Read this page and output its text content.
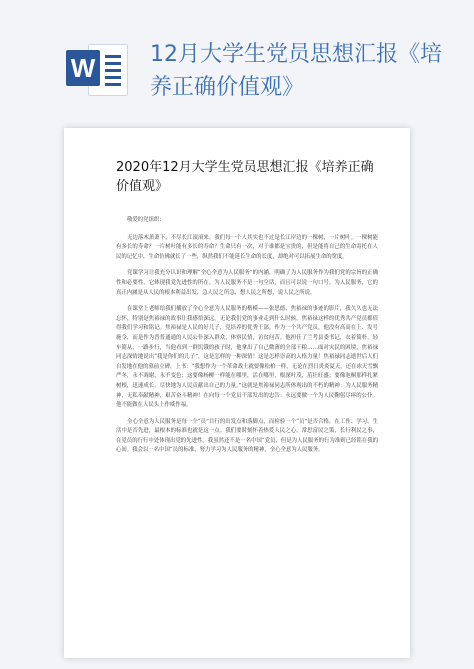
W 12月大学生党员思想汇报《培养正确价值观》
2020年12月大学生党员思想汇报《培养正确价值观》

敬爱的党组织：

无边落木萧萧下，不尽长江滚滚来。我们每一个人其实也不过是长江岸边的一棵树，一片树叶。一棵树能有多长的寿命？一片树叶能有多长的寿命？生命只有一次，对于谁都是宝贵的，但是能将自己的生命寄托在人民的记忆中，生命仿佛就长了一些，纵然我们不能延长生命的长度，却绝对可以拓展生命的宽度。

党课学习让我充分认识和理解“全心全意为人民服务”的内涵，明确了为人民服务作为我们党的宗旨的正确性和必要性，它体现我党先进性的所在。为人民服务不是一句空话，而且可以说一句口号。为人民服务，它的真正内涵是从人民的根本利益出发，急人民之所急，想人民之所想，说人民之所说。

在课堂上老师给我们播放了全心全意为人民服务的楷模——张思德、焦裕禄的事迹的影片，我久久也无法忘怀，特别是焦裕禄的故事让我感悟深远。无论我们党的事业走到什么时候，焦裕禄这样的优秀共产党员都值得我们学习和铭记。焦裕禄是人民的好儿子，党培养的优秀干部。作为一个共产党员，他没有高高在上、发号施令，而是作为普普通通的人民公仆深入群众，体察民情，访贫问苦。他担任了兰考县委书记，衣着简朴，轻车简从，一路步行，当他看到一群饥饿的孩子时，他拿出了自己微薄的全部干粮……面对灾民的困境，焦裕禄同志深情地说出“我是你们的儿子”，这是怎样的一种深情！这是怎样崇高的人格力量！焦裕禄同志逝世后人们自发地在他的墓前立碑，上书：“我想作为一个革命战士就要像松柏一样，无论在烈日炎炎夏天，还在冰天雪飘严冬，永不凋谢，永不变色；这要像杨柳一样能在哪里，活在哪里，根深叶茂，茁壮旺盛；要像泡桐那样扎紧树根，迅速成长。尽快地为人民贡献出自己的力量。”这就是焦裕禄同志所体现出的不朽的精神：为人民服务精神，无私奉献精神，艰苦奋斗精神！在向每一个党员干部发出的忠告：永远要做一个为人民鞠躬尽瘁的公仆。他不能做在人民头上作威作福。

全心全意为人民服务是每一个“员”目行的出发点和落脚点，而检验一个“员”是否合格，在工作、学习、生活中是否先进，最根本的标准也就是这一点。我们要时刻怀着热爱人民之心，常思富民之策，长行利民之事，在党员的行行中处体现出党的先进性。我虽然还不是一名中国“党员，但是为人民服务的行为准则已经铭在我的心间。我会以一名中国“员的标准，努力学习为人民服务的精神，全心全意为人民服务。
